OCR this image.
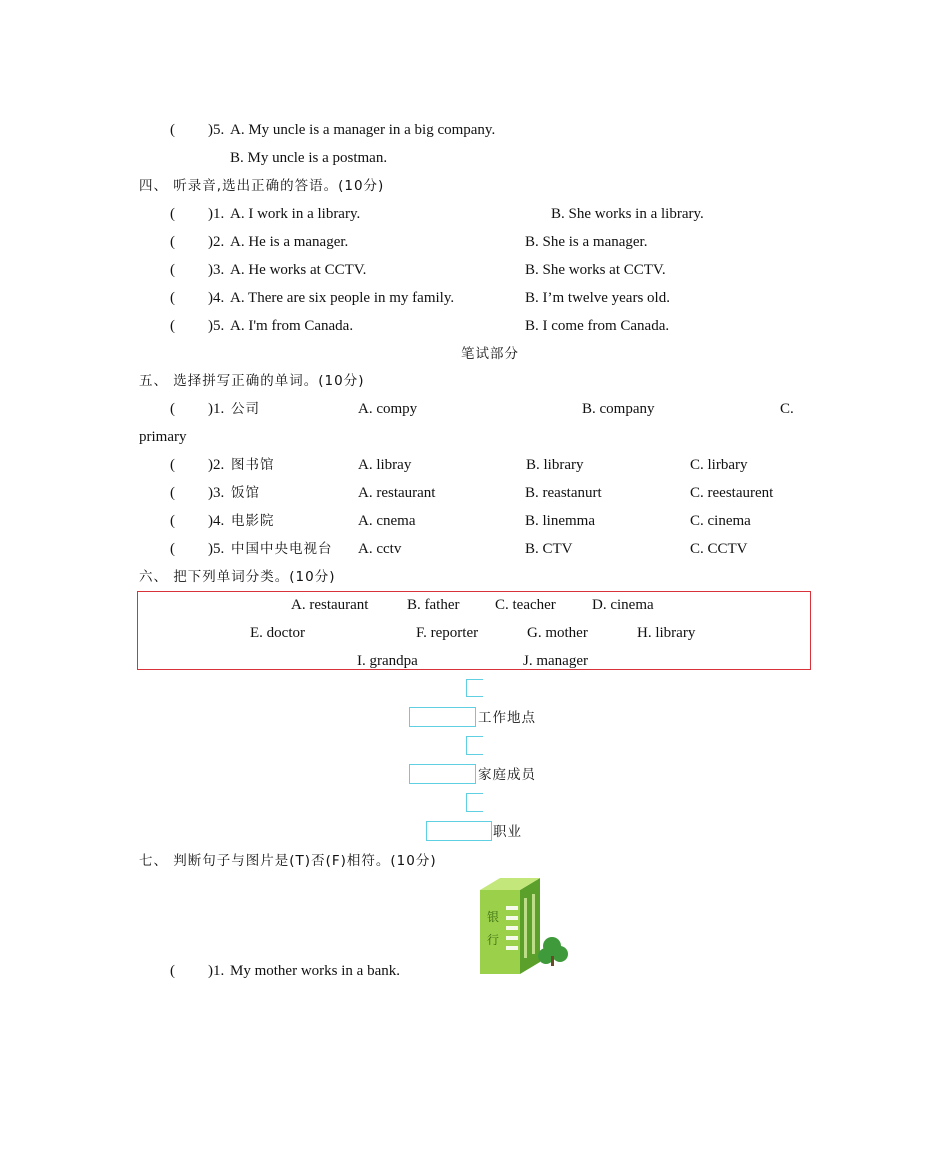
( )5. A. My uncle is a manager in a big company.
B. My uncle is a postman.
四、 听录音,选出正确的答语。(10分)
( )1. A. I work in a library.	B. She works in a library.
( )2. A. He is a manager.	B. She is a manager.
( )3. A. He works at CCTV.	B. She works at CCTV.
( )4. A. There are six people in my family.	B. I’m twelve years old.
( )5. A. I'm from Canada.	B. I come from Canada.
笔试部分
五、 选择拼写正确的单词。(10分)
( )1. 公司	A. compy	B. company	C.
primary
( )2. 图书馆	A. libray	B. library	C. lirbary
( )3. 饭馆	A. restaurant	B. reastanurt	C. reestaurent
( )4. 电影院	A. cnema	B. linemma	C. cinema
( )5. 中国中央电视台 A. cctv	B. CTV	C. CCTV
六、 把下列单词分类。(10分)
A. restaurant	B. father C. teacher D. cinema
E. doctor	F. reporter	G. mother	H. library
I. grandpa	J. manager
工作地点
家庭成员
职业
七、 判断句子与图片是(T)否(F)相符。(10分)
银
行
( )1. My mother works in a bank.
